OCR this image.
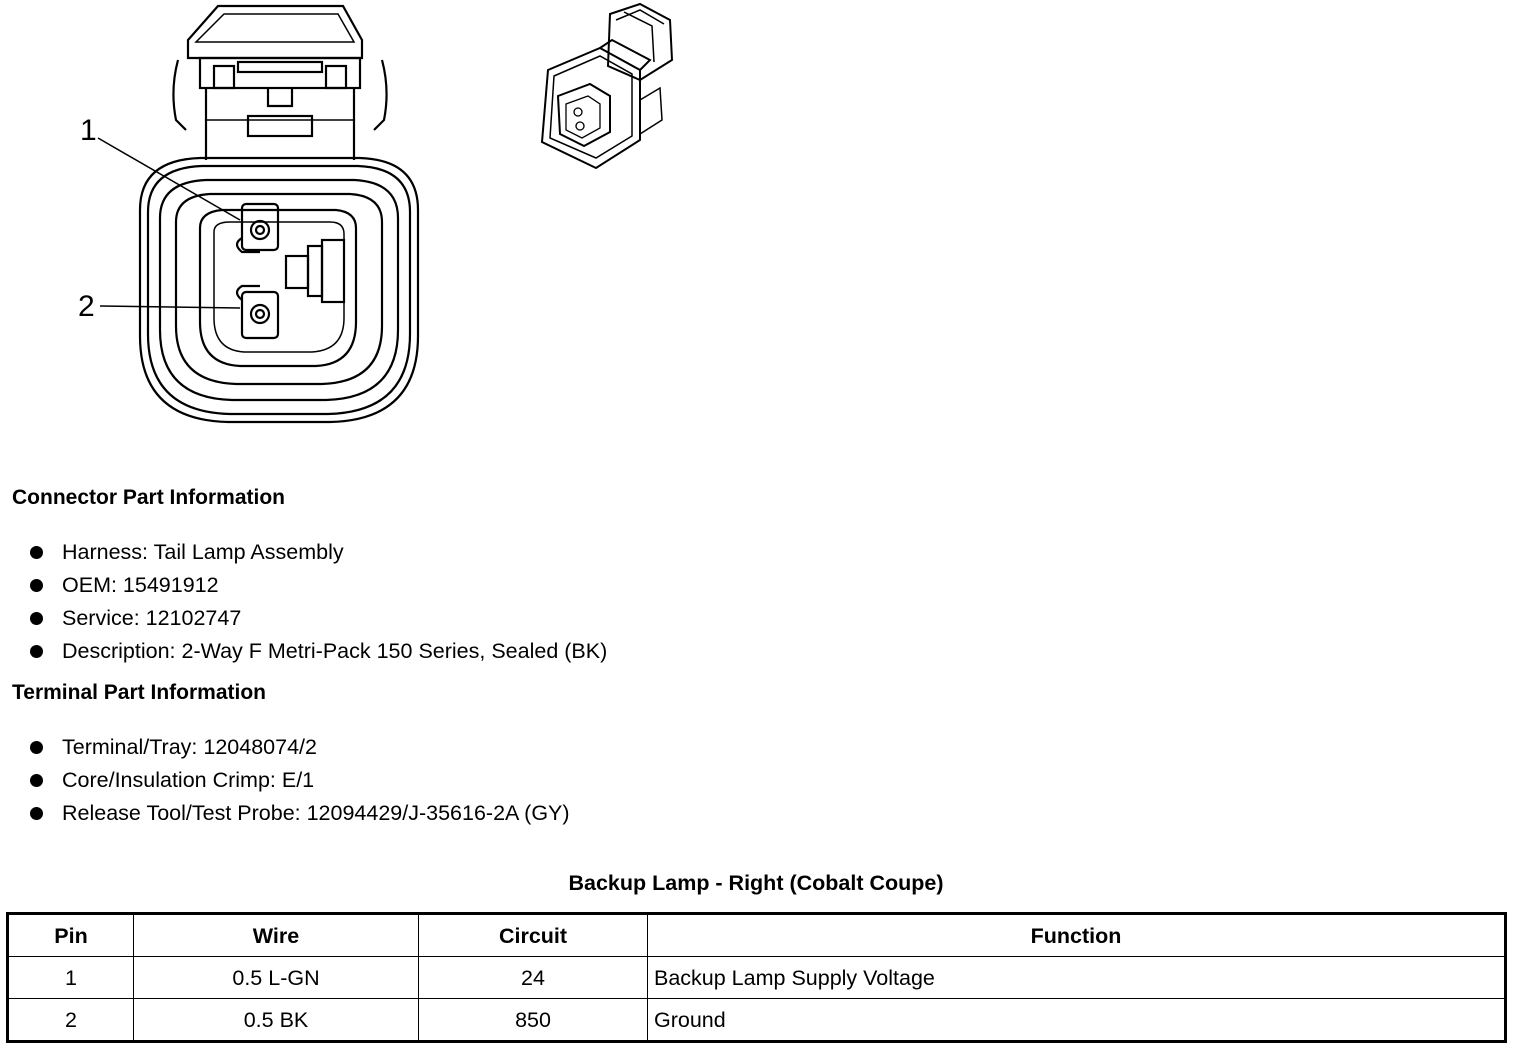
1
2
Connector Part Information
Harness: Tail Lamp Assembly
OEM: 15491912
Service: 12102747
Description: 2-Way F Metri-Pack 150 Series, Sealed (BK)
Terminal Part Information
Terminal/Tray: 12048074/2
Core/Insulation Crimp: E/1
Release Tool/Test Probe: 12094429/J-35616-2A (GY)
Backup Lamp - Right (Cobalt Coupe)
Pin	Wire	Circuit	Function
1	0.5 L-GN	24	Backup Lamp Supply Voltage
2	0.5 BK	850	Ground
